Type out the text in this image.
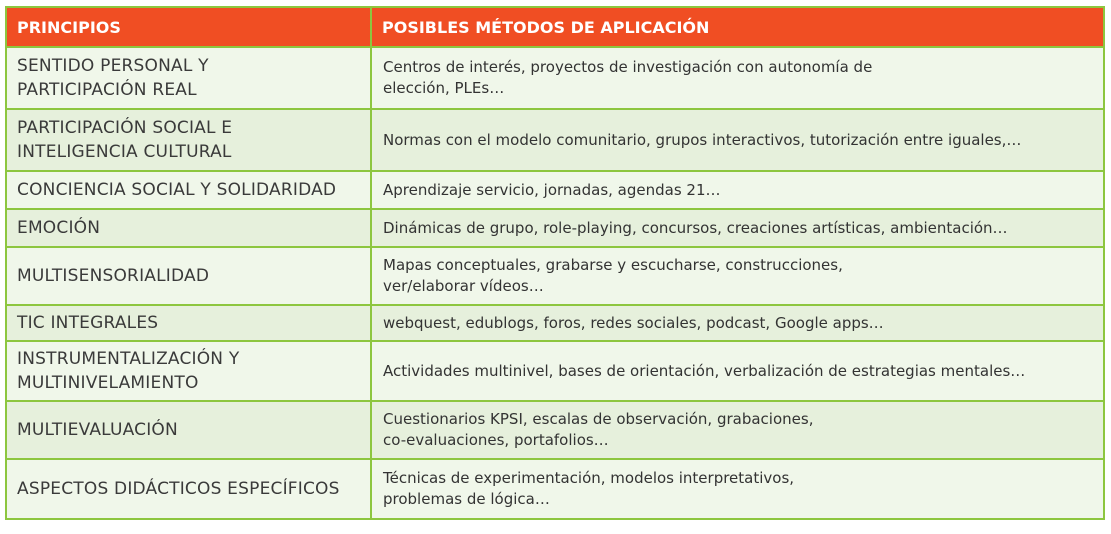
PRINCIPIOS	POSIBLES MÉTODOS DE APLICACIÓN

SENTIDO PERSONAL Y
PARTICIPACIÓN REAL	Centros de interés, proyectos de investigación con autonomía de
elección, PLEs…

PARTICIPACIÓN SOCIAL E
INTELIGENCIA CULTURAL	Normas con el modelo comunitario, grupos interactivos, tutorización entre iguales,…

CONCIENCIA SOCIAL Y SOLIDARIDAD	Aprendizaje servicio, jornadas, agendas 21…

EMOCIÓN	Dinámicas de grupo, role-playing, concursos, creaciones artísticas, ambientación…

MULTISENSORIALIDAD	Mapas conceptuales, grabarse y escucharse, construcciones,
ver/elaborar vídeos…

TIC INTEGRALES	webquest, edublogs, foros, redes sociales, podcast, Google apps…

INSTRUMENTALIZACIÓN Y
MULTINIVELAMIENTO	Actividades multinivel, bases de orientación, verbalización de estrategias mentales…

MULTIEVALUACIÓN	Cuestionarios KPSI, escalas de observación, grabaciones,
co-evaluaciones, portafolios…

ASPECTOS DIDÁCTICOS ESPECÍFICOS	Técnicas de experimentación, modelos interpretativos,
problemas de lógica…
